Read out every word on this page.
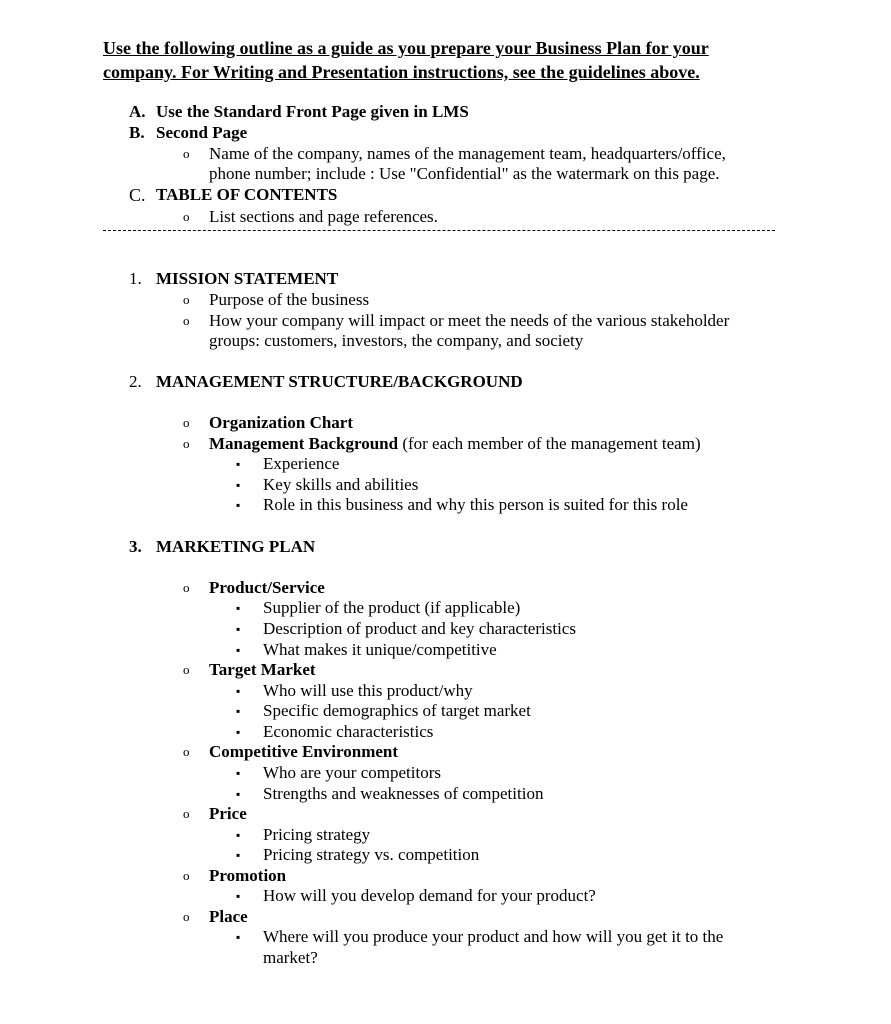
Use the following outline as a guide as you prepare your Business Plan for your
company. For Writing and Presentation instructions, see the guidelines above.
A. Use the Standard Front Page given in LMS
B. Second Page
o Name of the company, names of the management team, headquarters/office,
phone number; include : Use "Confidential" as the watermark on this page.
C. TABLE OF CONTENTS
o List sections and page references.
1. MISSION STATEMENT
o Purpose of the business
o How your company will impact or meet the needs of the various stakeholder
groups: customers, investors, the company, and society
2. MANAGEMENT STRUCTURE/BACKGROUND
o Organization Chart
o Management Background (for each member of the management team)
▪ Experience
▪ Key skills and abilities
▪ Role in this business and why this person is suited for this role
3. MARKETING PLAN
o Product/Service
▪ Supplier of the product (if applicable)
▪ Description of product and key characteristics
▪ What makes it unique/competitive
o Target Market
▪ Who will use this product/why
▪ Specific demographics of target market
▪ Economic characteristics
o Competitive Environment
▪ Who are your competitors
▪ Strengths and weaknesses of competition
o Price
▪ Pricing strategy
▪ Pricing strategy vs. competition
o Promotion
▪ How will you develop demand for your product?
o Place
▪ Where will you produce your product and how will you get it to the
market?
